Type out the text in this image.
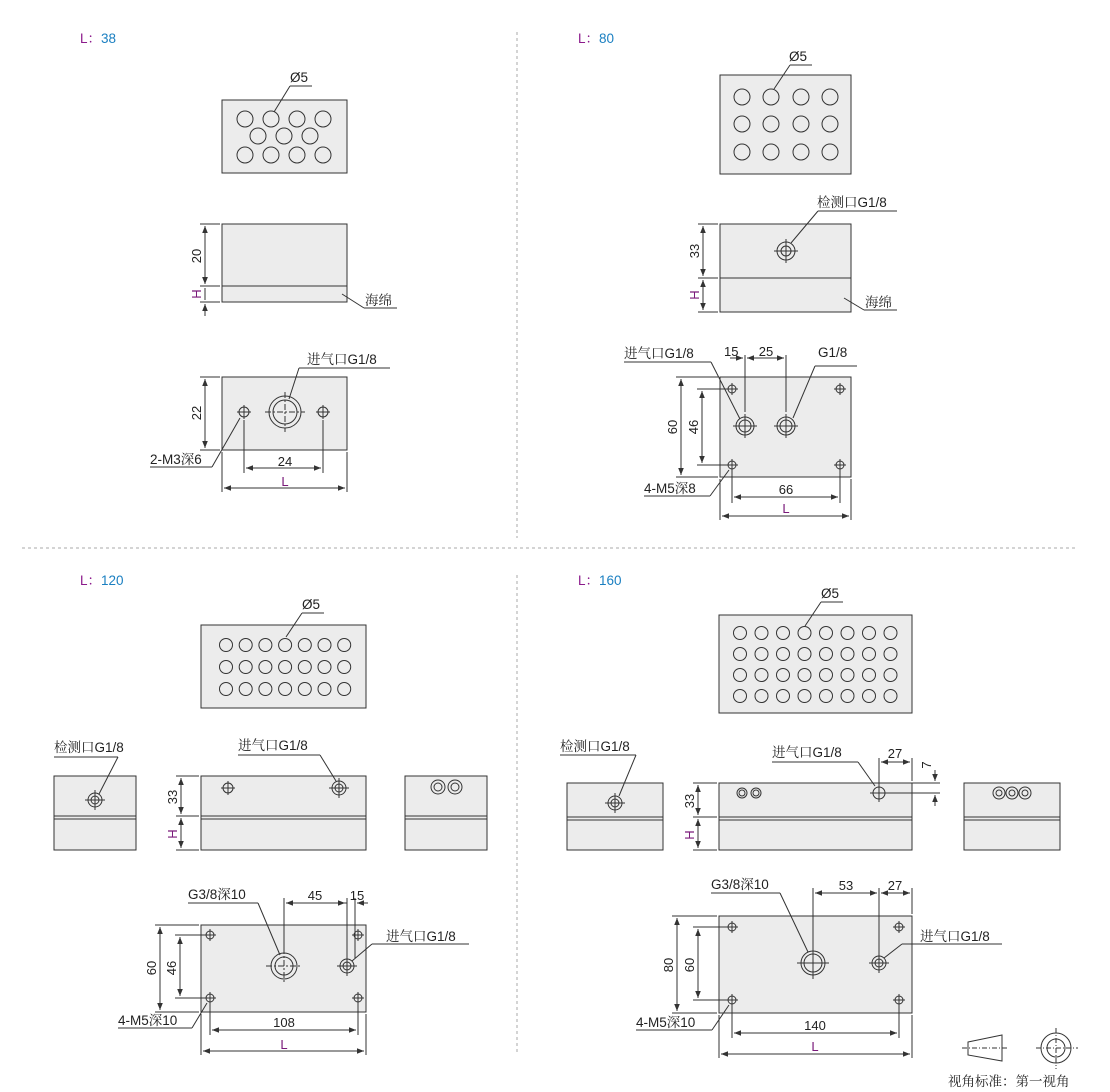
L：38
Ø5
20
H	海绵
22
进气口G1/8
2-M3深6	24
L
L：80
Ø5
检测口G1/8
33
H	海绵
进气口G1/8 15 25	G1/8
60 46
4-M5深8	66
L
L：120
Ø5
检测口G1/8	进气口G1/8
33
H
G3/8深10	45 15
进气口G1/8
60 46
4-M5深10	108
L
L：160
Ø5
检测口G1/8	进气口G1/8	27
7
33
H
G3/8深10	53	27
进气口G1/8
80 60
4-M5深10	140
L
视角标准：第一视角
